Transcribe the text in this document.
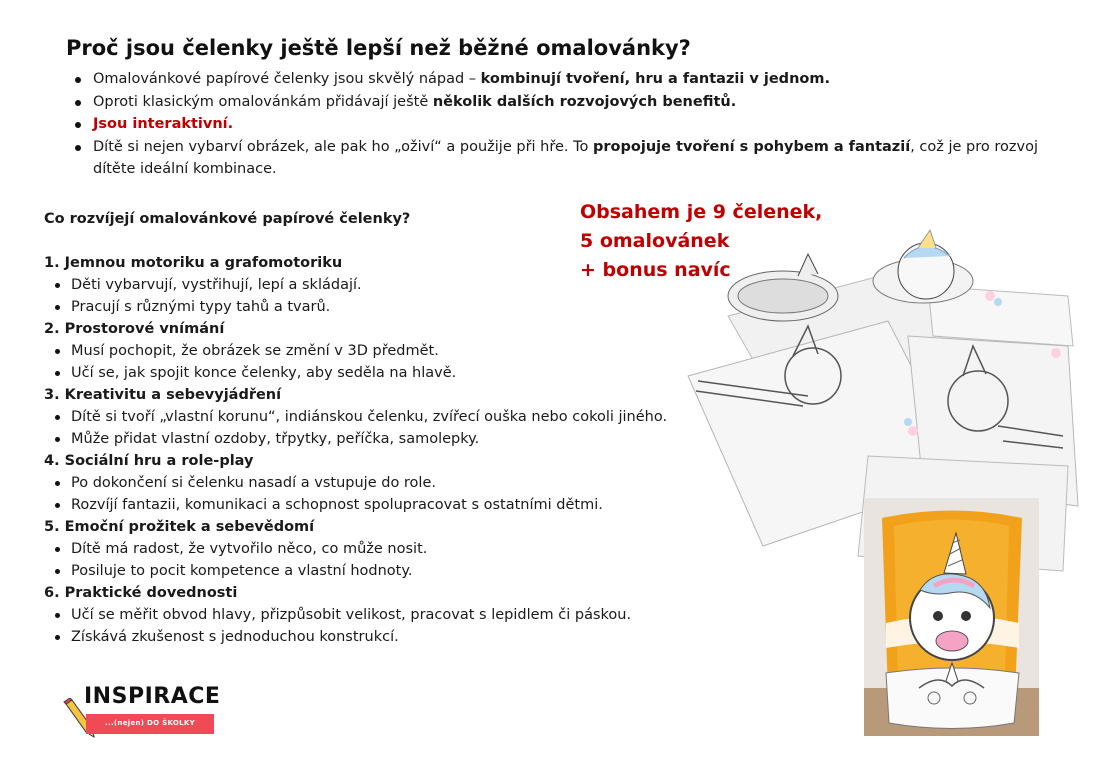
Proč jsou čelenky ještě lepší než běžné omalovánky?
Omalovánkové papírové čelenky jsou skvělý nápad – kombinují tvoření, hru a fantazii v jednom.
Oproti klasickým omalovánkám přidávají ještě několik dalších rozvojových benefitů.
Jsou interaktivní.
Dítě si nejen vybarví obrázek, ale pak ho „oživí“ a použije při hře. To propojuje tvoření s pohybem a fantazií, což je pro rozvoj dítěte ideální kombinace.
Co rozvíjejí omalovánkové papírové čelenky?
1. Jemnou motoriku a grafomotoriku
Děti vybarvují, vystřihují, lepí a skládají.
Pracují s různými typy tahů a tvarů.
2. Prostorové vnímání
Musí pochopit, že obrázek se změní v 3D předmět.
Učí se, jak spojit konce čelenky, aby seděla na hlavě.
3. Kreativitu a sebevyjádření
Dítě si tvoří „vlastní korunu“, indiánskou čelenku, zvířecí ouška nebo cokoli jiného.
Může přidat vlastní ozdoby, třpytky, peříčka, samolepky.
4. Sociální hru a role-play
Po dokončení si čelenku nasadí a vstupuje do role.
Rozvíjí fantazii, komunikaci a schopnost spolupracovat s ostatními dětmi.
5. Emoční prožitek a sebevědomí
Dítě má radost, že vytvořilo něco, co může nosit.
Posiluje to pocit kompetence a vlastní hodnoty.
6. Praktické dovednosti
Učí se měřit obvod hlavy, přizpůsobit velikost, pracovat s lepidlem či páskou.
Získává zkušenost s jednoduchou konstrukcí.
Obsahem je 9 čelenek,
5 omalovánek
+ bonus navíc
INSPIRACE
...(nejen) DO ŠKOLKY
